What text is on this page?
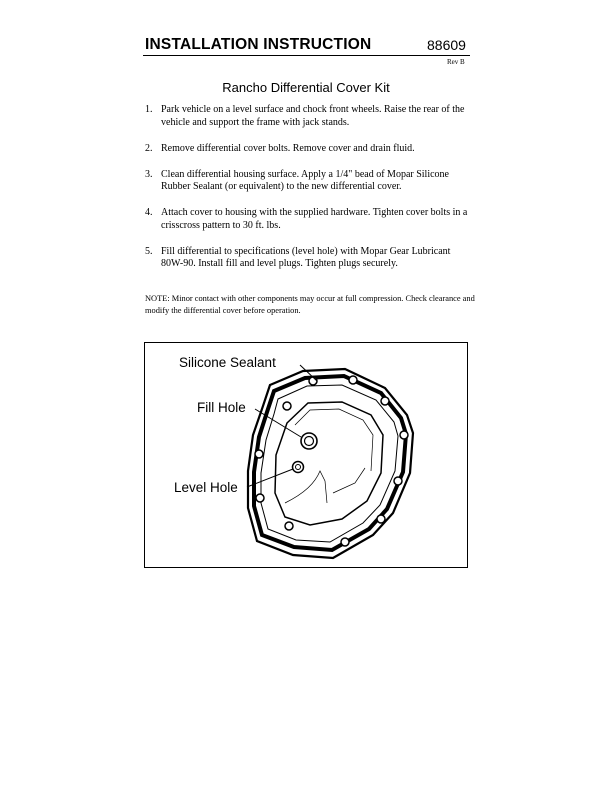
INSTALLATION INSTRUCTION	88609
Rev B
Rancho Differential Cover Kit
1. Park vehicle on a level surface and chock front wheels. Raise the rear of the vehicle and support the frame with jack stands.
2. Remove differential cover bolts. Remove cover and drain fluid.
3. Clean differential housing surface. Apply a 1/4" bead of Mopar Silicone Rubber Sealant (or equivalent) to the new differential cover.
4. Attach cover to housing with the supplied hardware. Tighten cover bolts in a crisscross pattern to 30 ft. lbs.
5. Fill differential to specifications (level hole) with Mopar Gear Lubricant 80W-90. Install fill and level plugs. Tighten plugs securely.
NOTE: Minor contact with other components may occur at full compression. Check clearance and modify the differential cover before operation.
Silicone Sealant
Fill Hole
Level Hole
